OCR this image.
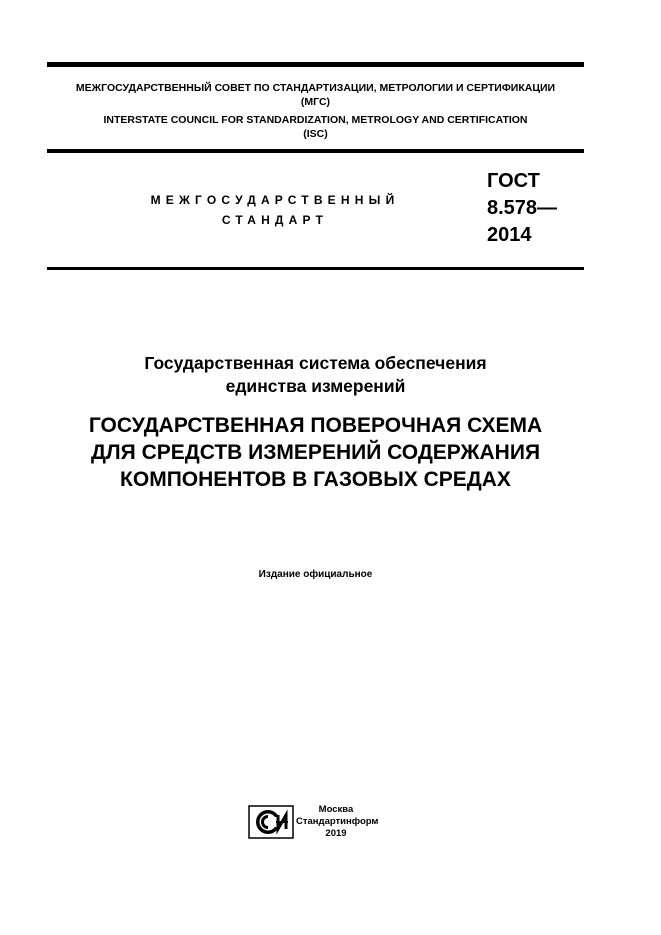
МЕЖГОСУДАРСТВЕННЫЙ СОВЕТ ПО СТАНДАРТИЗАЦИИ, МЕТРОЛОГИИ И СЕРТИФИКАЦИИ
(МГС)
INTERSTATE COUNCIL FOR STANDARDIZATION, METROLOGY AND CERTIFICATION
(ISC)
МЕЖГОСУДАРСТВЕННЫЙ
СТАНДАРТ
ГОСТ
8.578—
2014
Государственная система обеспечения
единства измерений
ГОСУДАРСТВЕННАЯ ПОВЕРОЧНАЯ СХЕМА
ДЛЯ СРЕДСТВ ИЗМЕРЕНИЙ СОДЕРЖАНИЯ
КОМПОНЕНТОВ В ГАЗОВЫХ СРЕДАХ
Издание официальное
Москва
Стандартинформ
2019
